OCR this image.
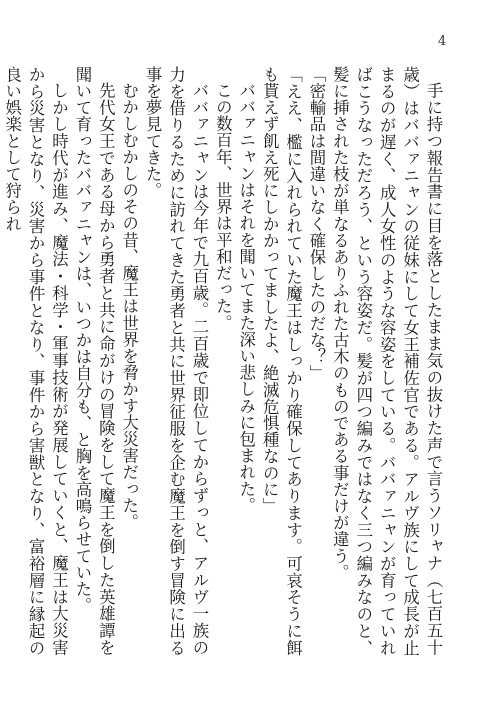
4

手に持つ報告書に目を落としたまま気の抜けた声で言うソリャナ（七百五十歳）はババァニャンの従妹にして女王補佐官である。アルヴ族にして成長が止まるのが遅く、成人女性のような容姿をしている。ババァニャンが育っていればこうなっただろう、という容姿だ。髪が四つ編みではなく三つ編みなのと、髪に挿された枝が単なるありふれた古木のものである事だけが違う。

「密輸品は間違いなく確保したのだな？」

「ええ、檻に入れられていた魔王はしっかり確保してあります。可哀そうに餌も貰えず飢え死にしかかってましたよ、絶滅危惧種なのに」

ババァニャンはそれを聞いてまた深い悲しみに包まれた。

この数百年、世界は平和だった。

ババァニャンは今年で九百歳。二百歳で即位してからずっと、アルヴ一族の力を借りるために訪れてきた勇者と共に世界征服を企む魔王を倒す冒険に出る事を夢見てきた。

むかしむかしのその昔、魔王は世界を脅かす大災害だった。

先代女王である母から勇者と共に命がけの冒険をして魔王を倒した英雄譚を聞いて育ったババァニャンは、いつかは自分も、と胸を高鳴らせていた。

しかし時代が進み、魔法・科学・軍事技術が発展していくと、魔王は大災害から災害となり、災害から事件となり、事件から害獣となり、富裕層に縁起の良い娯楽として狩られ
